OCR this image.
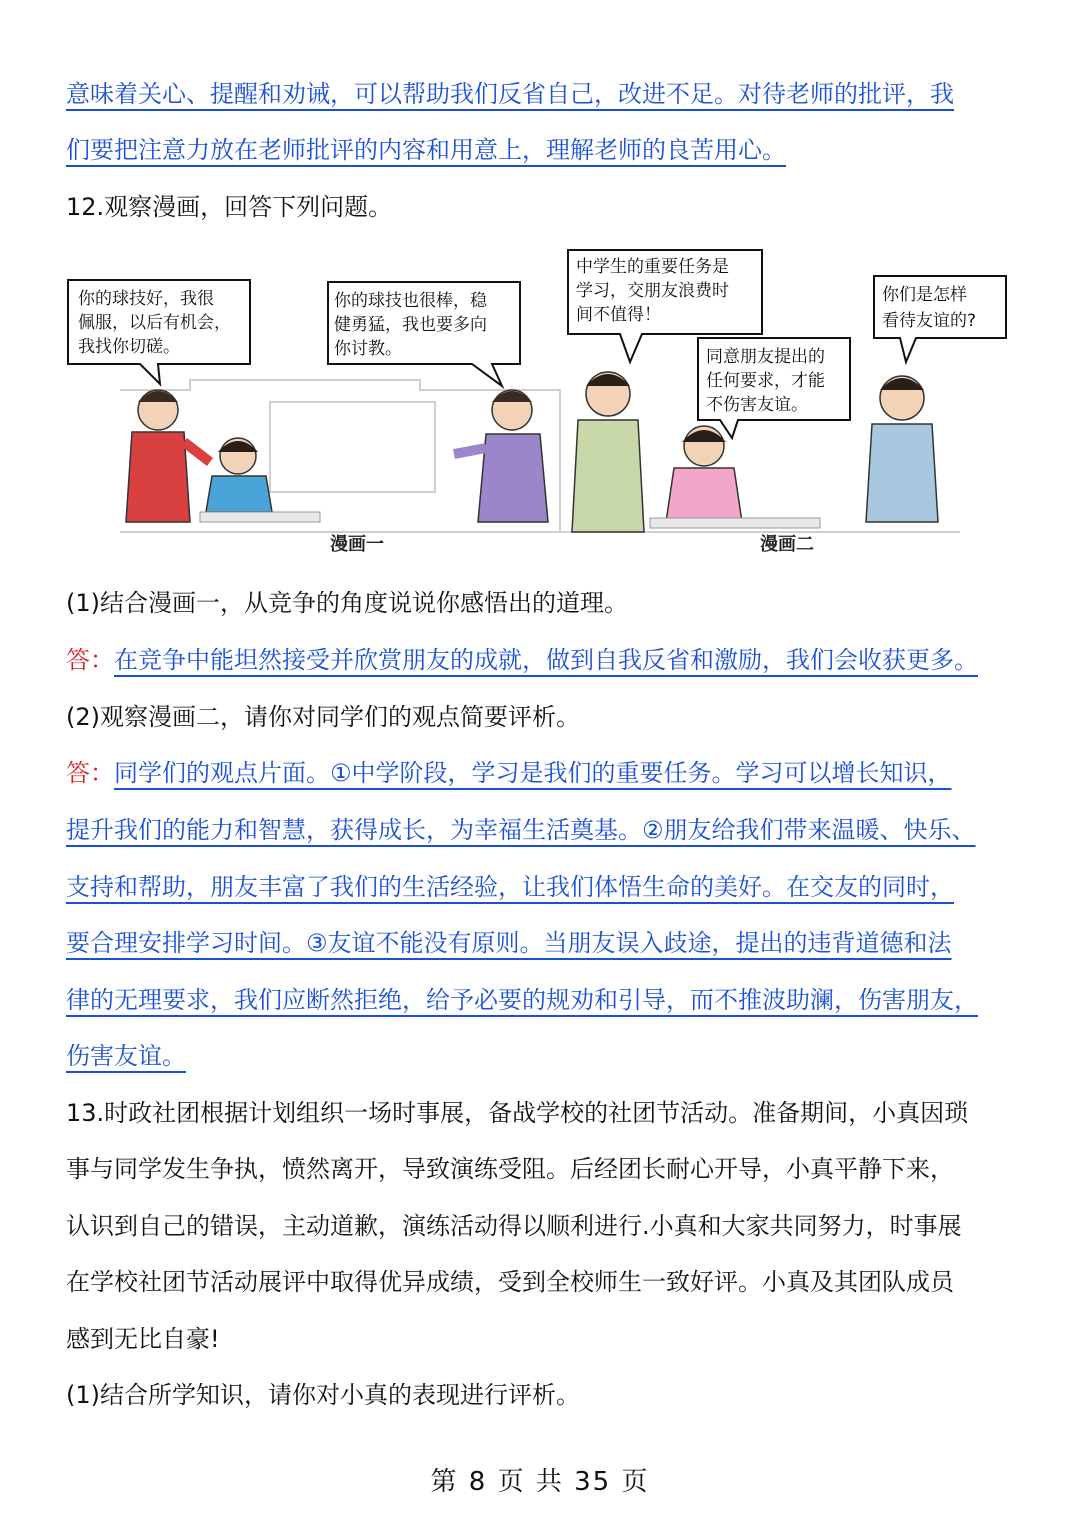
意味着关心、提醒和劝诫，可以帮助我们反省自己，改进不足。对待老师的批评，我
们要把注意力放在老师批评的内容和用意上，理解老师的良苦用心。
12.观察漫画，回答下列问题。
你的球技好，我很
佩服，以后有机会，
我找你切磋。
你的球技也很棒，稳
健勇猛，我也要多向
你讨教。
中学生的重要任务是
学习，交朋友浪费时
间不值得！
同意朋友提出的
任何要求，才能
不伤害友谊。
你们是怎样
看待友谊的?
漫画一	漫画二
(1)结合漫画一，从竞争的角度说说你感悟出的道理。
答：在竞争中能坦然接受并欣赏朋友的成就，做到自我反省和激励，我们会收获更多。
(2)观察漫画二，请你对同学们的观点简要评析。
答：同学们的观点片面。①中学阶段，学习是我们的重要任务。学习可以增长知识，
提升我们的能力和智慧，获得成长，为幸福生活奠基。②朋友给我们带来温暖、快乐、
支持和帮助，朋友丰富了我们的生活经验，让我们体悟生命的美好。在交友的同时，
要合理安排学习时间。③友谊不能没有原则。当朋友误入歧途，提出的违背道德和法
律的无理要求，我们应断然拒绝，给予必要的规劝和引导，而不推波助澜，伤害朋友，
伤害友谊。
13.时政社团根据计划组织一场时事展，备战学校的社团节活动。准备期间，小真因琐
事与同学发生争执，愤然离开，导致演练受阻。后经团长耐心开导，小真平静下来，
认识到自己的错误，主动道歉，演练活动得以顺利进行.小真和大家共同努力，时事展
在学校社团节活动展评中取得优异成绩，受到全校师生一致好评。小真及其团队成员
感到无比自豪!
(1)结合所学知识，请你对小真的表现进行评析。
第 8 页 共 35 页
